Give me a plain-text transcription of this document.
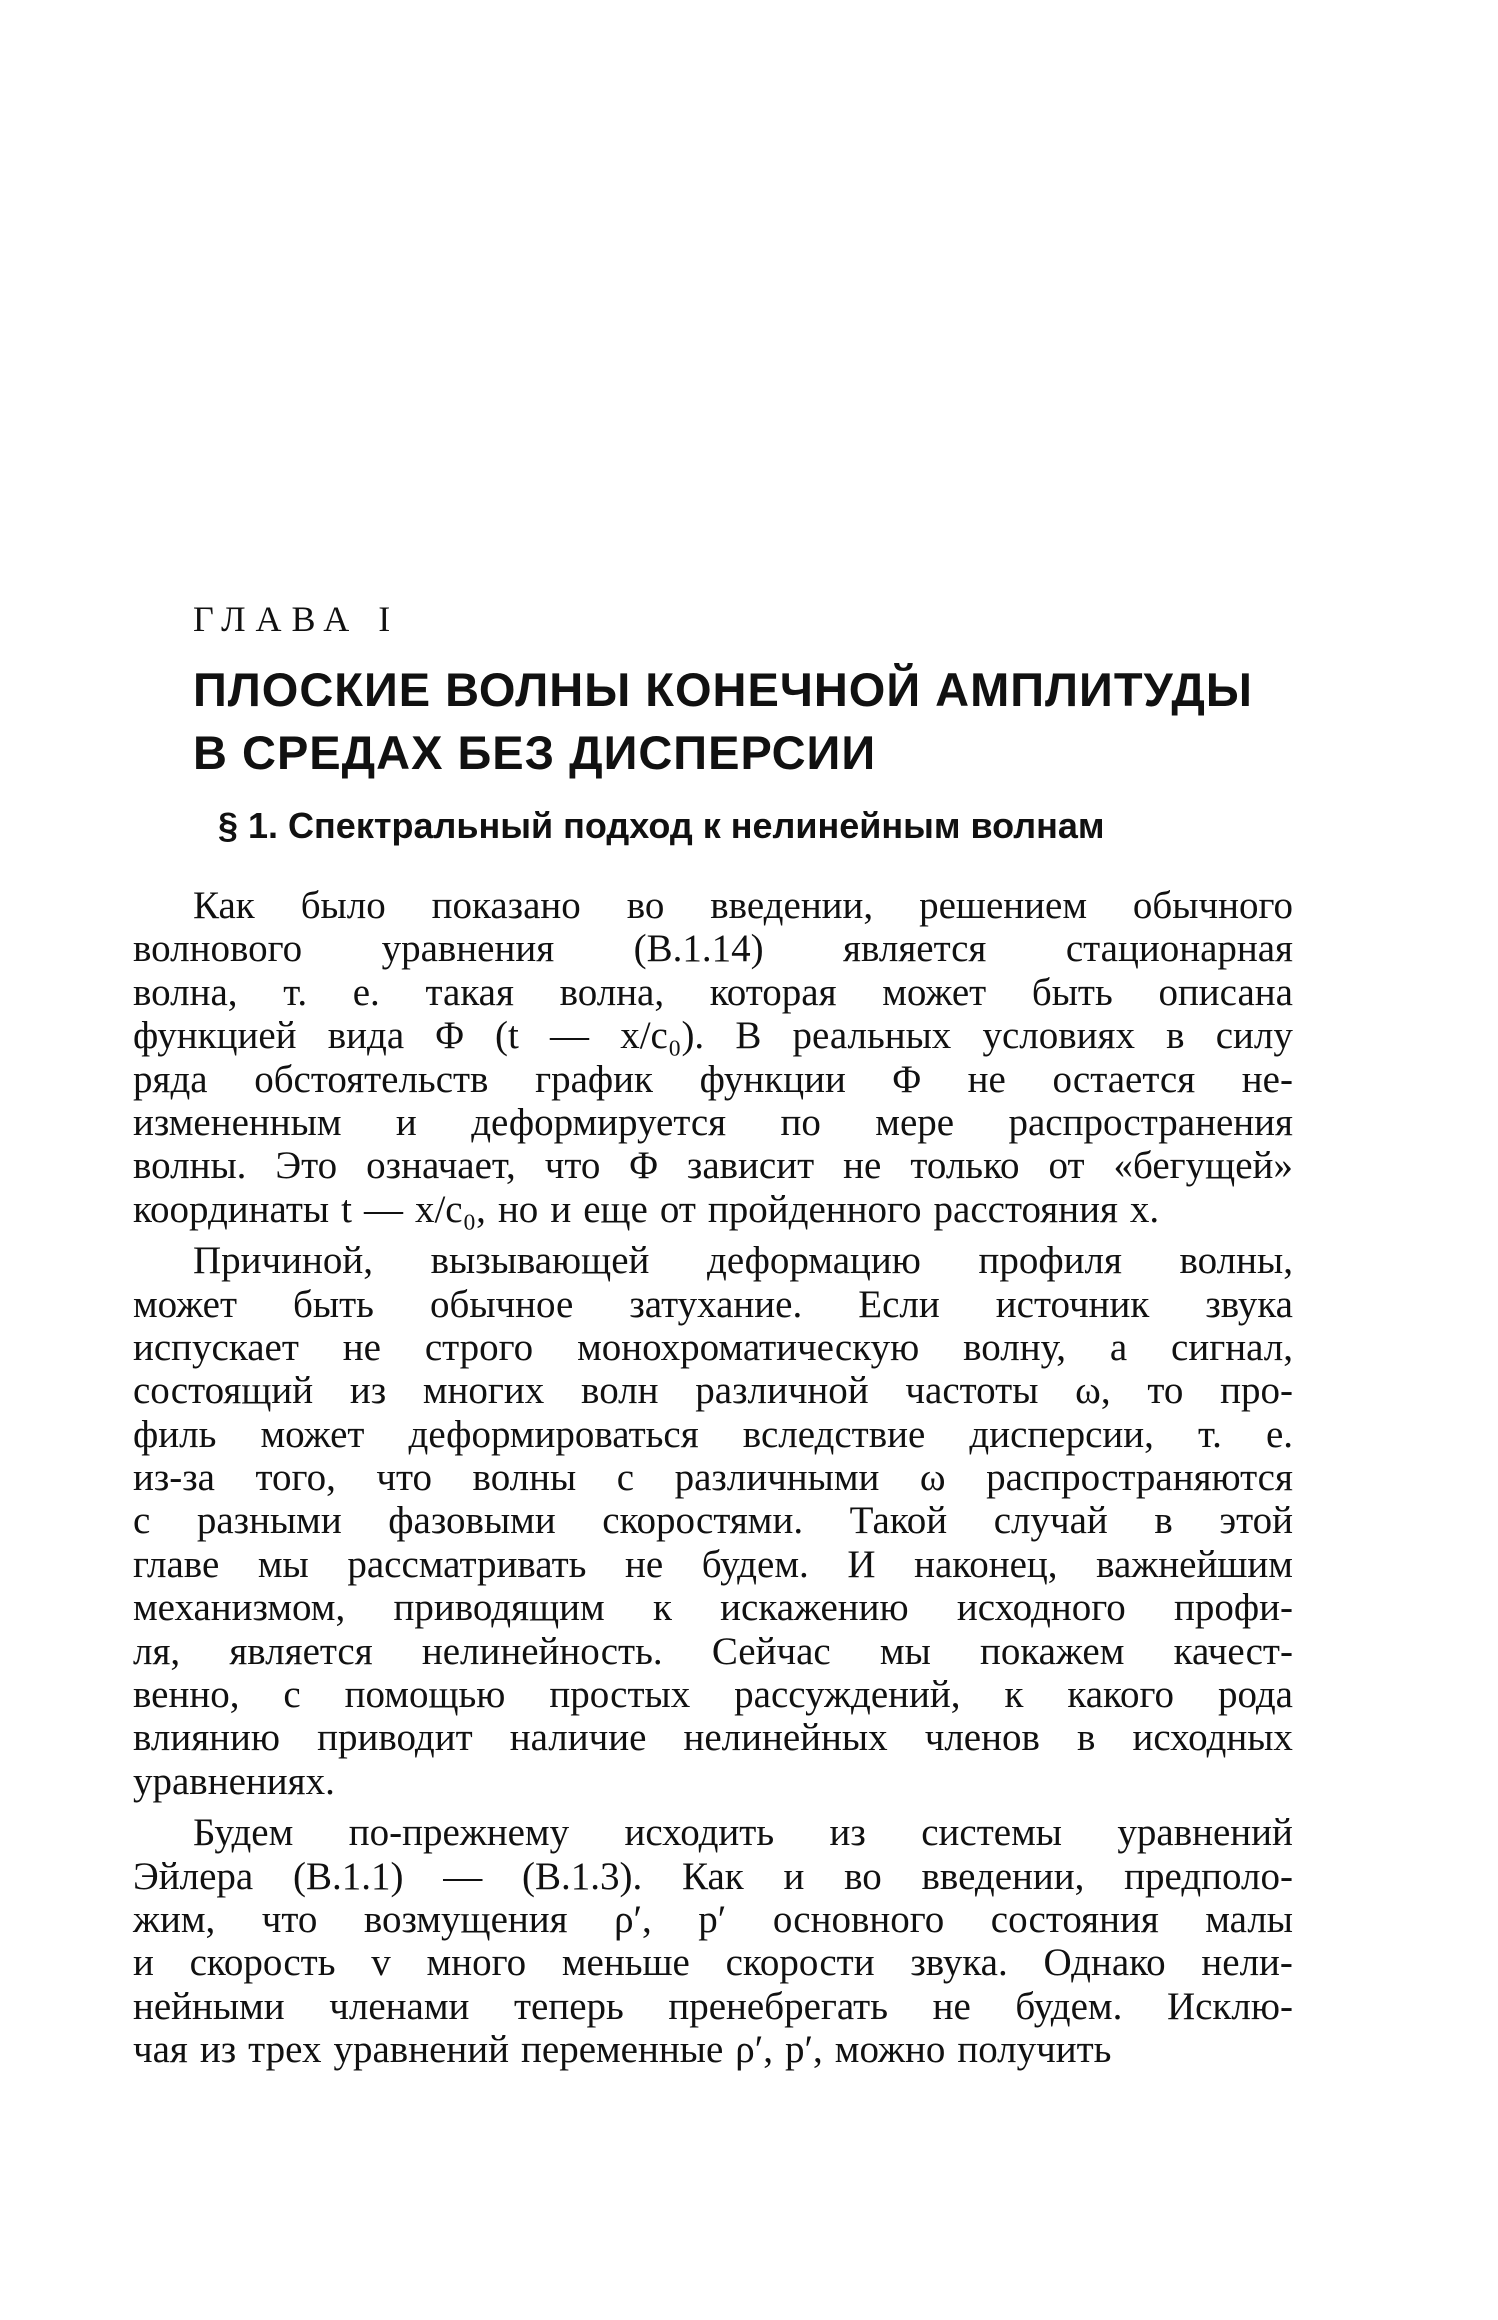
ГЛАВА I
ПЛОСКИЕ ВОЛНЫ КОНЕЧНОЙ АМПЛИТУДЫ
В СРЕДАХ БЕЗ ДИСПЕРСИИ
§ 1. Спектральный подход к нелинейным волнам
Как было показано во введении, решением обычного
волнового уравнения (В.1.14) является стационарная
волна, т. е. такая волна, которая может быть описана
функцией вида Φ (t — x/c₀). В реальных условиях в силу
ряда обстоятельств график функции Φ не остается не-
измененным и деформируется по мере распространения
волны. Это означает, что Φ зависит не только от «бегущей»
координаты t — x/c₀, но и еще от пройденного расстояния x.
Причиной, вызывающей деформацию профиля волны,
может быть обычное затухание. Если источник звука
испускает не строго монохроматическую волну, а сигнал,
состоящий из многих волн различной частоты ω, то про-
филь может деформироваться вследствие дисперсии, т. е.
из-за того, что волны с различными ω распространяются
с разными фазовыми скоростями. Такой случай в этой
главе мы рассматривать не будем. И наконец, важнейшим
механизмом, приводящим к искажению исходного профи-
ля, является нелинейность. Сейчас мы покажем качест-
венно, с помощью простых рассуждений, к какого рода
влиянию приводит наличие нелинейных членов в исходных
уравнениях.
Будем по-прежнему исходить из системы уравнений
Эйлера (В.1.1) — (В.1.3). Как и во введении, предполо-
жим, что возмущения ρ′, p′ основного состояния малы
и скорость v много меньше скорости звука. Однако нели-
нейными членами теперь пренебрегать не будем. Исклю-
чая из трех уравнений переменные ρ′, p′, можно получить
